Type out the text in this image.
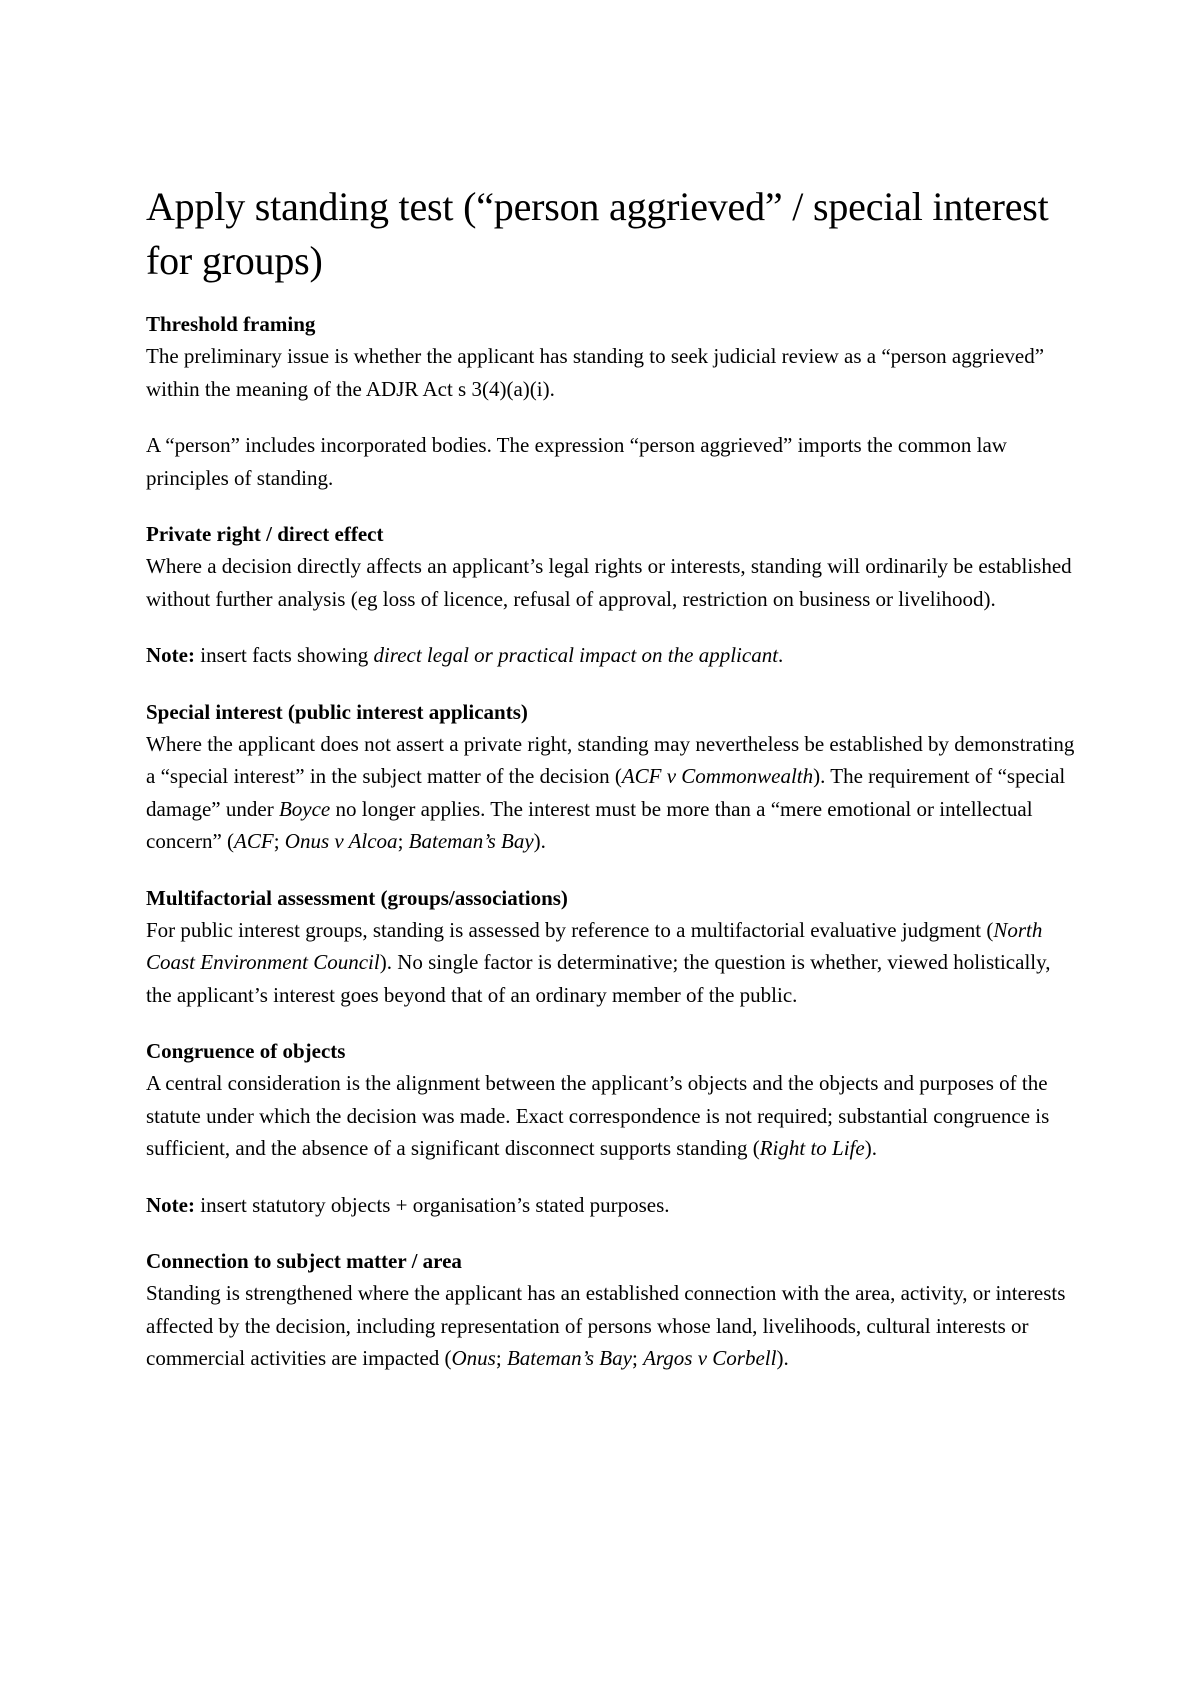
Apply standing test (“person aggrieved” / special interest for groups)
Threshold framing

The preliminary issue is whether the applicant has standing to seek judicial review as a “person aggrieved” within the meaning of the ADJR Act s 3(4)(a)(i).

A “person” includes incorporated bodies. The expression “person aggrieved” imports the common law principles of standing.

Private right / direct effect

Where a decision directly affects an applicant’s legal rights or interests, standing will ordinarily be established without further analysis (eg loss of licence, refusal of approval, restriction on business or livelihood).

Note: insert facts showing direct legal or practical impact on the applicant.

Special interest (public interest applicants)

Where the applicant does not assert a private right, standing may nevertheless be established by demonstrating a “special interest” in the subject matter of the decision (ACF v Commonwealth). The requirement of “special damage” under Boyce no longer applies. The interest must be more than a “mere emotional or intellectual concern” (ACF; Onus v Alcoa; Bateman’s Bay).

Multifactorial assessment (groups/associations)

For public interest groups, standing is assessed by reference to a multifactorial evaluative judgment (North Coast Environment Council). No single factor is determinative; the question is whether, viewed holistically, the applicant’s interest goes beyond that of an ordinary member of the public.

Congruence of objects

A central consideration is the alignment between the applicant’s objects and the objects and purposes of the statute under which the decision was made. Exact correspondence is not required; substantial congruence is sufficient, and the absence of a significant disconnect supports standing (Right to Life).

Note: insert statutory objects + organisation’s stated purposes.

Connection to subject matter / area

Standing is strengthened where the applicant has an established connection with the area, activity, or interests affected by the decision, including representation of persons whose land, livelihoods, cultural interests or commercial activities are impacted (Onus; Bateman’s Bay; Argos v Corbell).
